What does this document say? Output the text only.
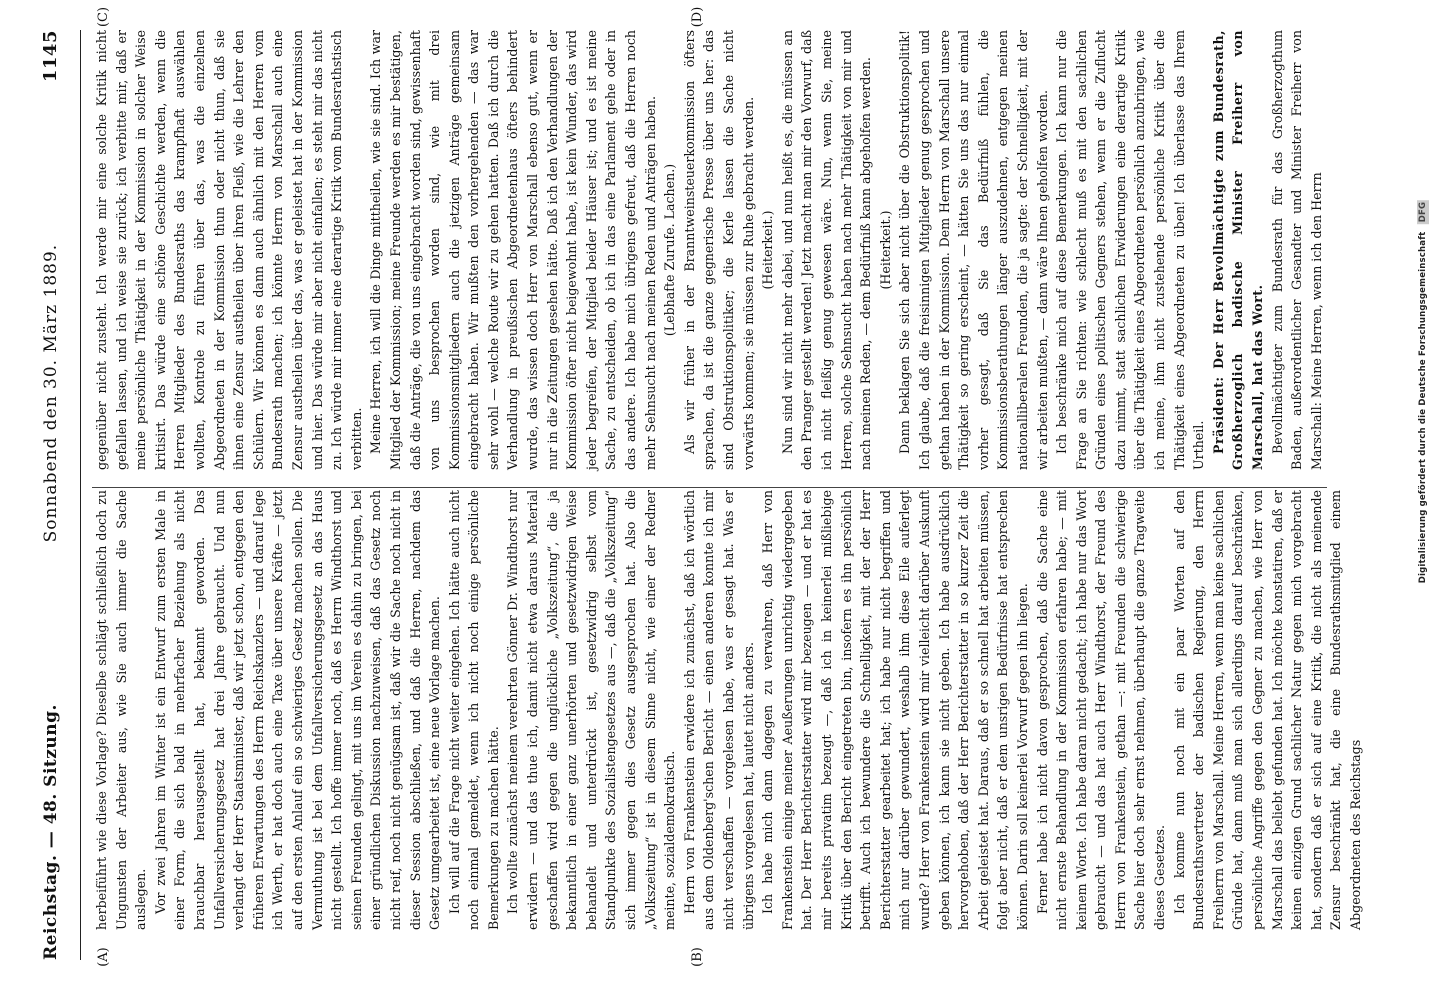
Reichstag. — 48. Sitzung.
Sonnabend den 30. März 1889.
1145
(A)	(B)
(C)	(D)

herbeiführt wie diese Vorlage? Dieselbe schlägt schließlich doch zu Ungunsten der Arbeiter aus, wie Sie auch immer die Sache auslegen. Vor zwei Jahren im Winter ist ein Entwurf zum ersten Male in einer Form, die sich bald in mehrfacher Beziehung als nicht brauchbar herausgestellt hat, bekannt geworden. Das Unfallversicherungsgesetz hat drei Jahre gebraucht. Und nun verlangt der Herr Staatsminister, daß wir jetzt schon, entgegen den früheren Erwartungen des Herrn Reichskanzlers — und darauf lege ich Werth, er hat doch auch eine Taxe über unsere Kräfte — jetzt auf den ersten Anlauf ein so schwieriges Gesetz machen sollen. Die Vermuthung ist bei dem Unfallversicherungsgesetz an das Haus nicht gestellt. Ich hoffe immer noch, daß es Herrn Windthorst und seinen Freunden gelingt, mit uns im Verein es dahin zu bringen, bei einer gründlichen Diskussion nachzuweisen, daß das Gesetz noch nicht reif, noch nicht genügsam ist, daß wir die Sache noch nicht in dieser Session abschließen, und daß die Herren, nachdem das Gesetz umgearbeitet ist, eine neue Vorlage machen. Ich will auf die Frage nicht weiter eingehen. Ich hätte auch nicht noch einmal gemeldet, wenn ich nicht noch einige persönliche Bemerkungen zu machen hätte. Ich wollte zunächst meinem verehrten Gönner Dr. Windthorst nur erwidern — und das thue ich, damit nicht etwa daraus Material geschaffen wird gegen die unglückliche „Volkszeitung“, die ja bekanntlich in einer ganz unerhörten und gesetzwidrigen Weise behandelt und unterdrückt ist, gesetzwidrig selbst vom Standpunkte des Sozialistengesetzes aus —, daß die „Volkszeitung“ sich immer gegen dies Gesetz ausgesprochen hat. Also die „Volkszeitung“ ist in diesem Sinne nicht, wie einer der Redner meinte, sozialdemokratisch. Herrn von Frankenstein erwidere ich zunächst, daß ich wörtlich aus dem Oldenberg'schen Bericht — einen anderen konnte ich mir nicht verschaffen — vorgelesen habe, was er gesagt hat. Was er übrigens vorgelesen hat, lautet nicht anders. Ich habe mich dann dagegen zu verwahren, daß Herr von Frankenstein einige meiner Aeußerungen unrichtig wiedergegeben hat. Der Herr Berichterstatter wird mir bezeugen — und er hat es mir bereits privatim bezeugt —, daß ich in keinerlei mißliebige Kritik über den Bericht eingetreten bin, insofern es ihn persönlich betrifft. Auch ich bewundere die Schnelligkeit, mit der der Herr Berichterstatter gearbeitet hat; ich habe nur nicht begriffen und mich nur darüber gewundert, weshalb ihm diese Eile auferlegt wurde? Herr von Frankenstein wird mir vielleicht darüber Auskunft geben können, ich kann sie nicht geben. Ich habe ausdrücklich hervorgehoben, daß der Herr Berichterstatter in so kurzer Zeit die Arbeit geleistet hat. Daraus, daß er so schnell hat arbeiten müssen, folgt aber nicht, daß er dem unsrigen Bedürfnisse hat entsprechen können. Darin soll keinerlei Vorwurf gegen ihn liegen. Ferner habe ich nicht davon gesprochen, daß die Sache eine nicht ernste Behandlung in der Kommission erfahren habe; — mit keinem Worte. Ich habe daran nicht gedacht; ich habe nur das Wort gebraucht — und das hat auch Herr Windthorst, der Freund des Herrn von Frankenstein, gethan —: mit Freunden die schwierige Sache hier doch sehr ernst nehmen, überhaupt die ganze Tragweite dieses Gesetzes. Ich komme nun noch mit ein paar Worten auf den Bundesrathsvertreter der badischen Regierung, den Herrn Freiherrn von Marschall. Meine Herren, wenn man keine sachlichen Gründe hat, dann muß man sich allerdings darauf beschränken, persönliche Angriffe gegen den Gegner zu machen, wie Herr von Marschall das beliebt gefunden hat. Ich möchte konstatiren, daß er keinen einzigen Grund sachlicher Natur gegen mich vorgebracht hat, sondern daß er sich auf eine Kritik, die nicht als meinende Zensur beschränkt hat, die eine Bundesrathsmitglied einem Abgeordneten des Reichstags

gegenüber nicht zusteht. Ich werde mir eine solche Kritik nicht gefallen lassen, und ich weise sie zurück; ich verbitte mir, daß er meine persönliche Thätigkeit in der Kommission in solcher Weise kritisirt. Das würde eine schöne Geschichte werden, wenn die Herren Mitglieder des Bundesraths das krampfhaft auswählen wollten, Kontrole zu führen über das, was die einzelnen Abgeordneten in der Kommission thun oder nicht thun, daß sie ihnen eine Zensur austheilen über ihren Fleiß, wie die Lehrer den Schülern. Wir können es dann auch ähnlich mit den Herren vom Bundesrath machen; ich könnte Herrn von Marschall auch eine Zensur austheilen über das, was er geleistet hat in der Kommission und hier. Das würde mir aber nicht einfallen; es steht mir das nicht zu. Ich würde mir immer eine derartige Kritik vom Bundesrathstisch verbitten. Meine Herren, ich will die Dinge mittheilen, wie sie sind. Ich war Mitglied der Kommission; meine Freunde werden es mir bestätigen, daß die Anträge, die von uns eingebracht worden sind, gewissenhaft von uns besprochen worden sind, wie mit drei Kommissionsmitgliedern auch die jetzigen Anträge gemeinsam eingebracht haben. Wir mußten den vorhergehenden — das war sehr wohl — welche Route wir zu gehen hatten. Daß ich durch die Verhandlung in preußischen Abgeordnetenhaus öfters behindert wurde, das wissen doch Herr von Marschall ebenso gut, wenn er nur in die Zeitungen gesehen hätte. Daß ich den Verhandlungen der Kommission öfter nicht beigewohnt habe, ist kein Wunder, das wird jeder begreifen, der Mitglied beider Häuser ist; und es ist meine Sache, zu entscheiden, ob ich in das eine Parlament gehe oder in das andere. Ich habe mich übrigens gefreut, daß die Herren noch mehr Sehnsucht nach meinen Reden und Anträgen haben. (Lebhafte Zurufe. Lachen.) Als wir früher in der Branntweinsteuerkommission öfters sprachen, da ist die ganze gegnerische Presse über uns her: das sind Obstruktionspolitiker; die Kerle lassen die Sache nicht vorwärts kommen; sie müssen zur Ruhe gebracht werden. (Heiterkeit.) Nun sind wir nicht mehr dabei, und nun heißt es, die müssen an den Pranger gestellt werden! Jetzt macht man mir den Vorwurf, daß ich nicht fleißig genug gewesen wäre. Nun, wenn Sie, meine Herren, solche Sehnsucht haben nach mehr Thätigkeit von mir und nach meinen Reden, — dem Bedürfniß kann abgeholfen werden. (Heiterkeit.) Dann beklagen Sie sich aber nicht über die Obstruktionspolitik! Ich glaube, daß die freisinnigen Mitglieder genug gesprochen und gethan haben in der Kommission. Dem Herrn von Marschall unsere Thätigkeit so gering erscheint, — hätten Sie uns das nur einmal vorher gesagt, daß Sie das Bedürfniß fühlen, die Kommissionsberathungen länger auszudehnen, entgegen meinen nationalliberalen Freunden, die ja sagte: der Schnelligkeit, mit der wir arbeiten mußten, — dann wäre Ihnen geholfen worden. Ich beschränke mich auf diese Bemerkungen. Ich kann nur die Frage an Sie richten: wie schlecht muß es mit den sachlichen Gründen eines politischen Gegners stehen, wenn er die Zuflucht dazu nimmt, statt sachlichen Erwiderungen eine derartige Kritik über die Thätigkeit eines Abgeordneten persönlich anzubringen, wie ich meine, ihm nicht zustehende persönliche Kritik über die Thätigkeit eines Abgeordneten zu üben! Ich überlasse das Ihrem Urtheil. Präsident: Der Herr Bevollmächtigte zum Bundesrath, Großherzoglich badische Minister Freiherr von Marschall, hat das Wort. Bevollmächtigter zum Bundesrath für das Großherzogthum Baden, außerordentlicher Gesandter und Minister Freiherr von Marschall: Meine Herren, wenn ich den Herrn	Digitalisierung gefördert durch die Deutsche Forschungsgemeinschaft DFG
